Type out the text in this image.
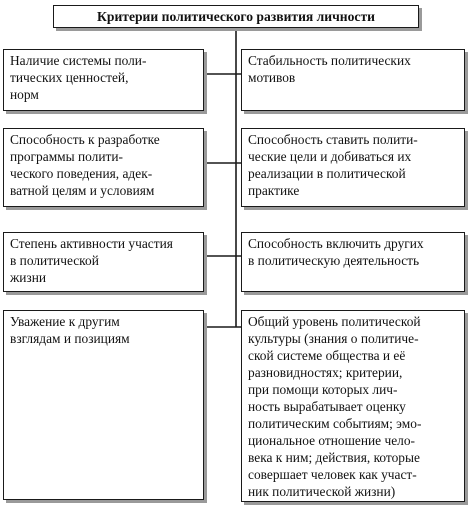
Критерии политического развития личности
Наличие системы поли-
тических ценностей,
норм
Способность к разработке
программы полити-
ческого поведения, адек-
ватной целям и условиям
Степень активности участия
в политической
жизни
Уважение к другим
взглядам и позициям
Стабильность политических
мотивов
Способность ставить полити-
ческие цели и добиваться их
реализации в политической
практике
Способность включить других
в политическую деятельность
Общий уровень политической
культуры (знания о политиче-
ской системе общества и её
разновидностях; критерии,
при помощи которых лич-
ность вырабатывает оценку
политическим событиям; эмо-
циональное отношение чело-
века к ним; действия, которые
совершает человек как участ-
ник политической жизни)
